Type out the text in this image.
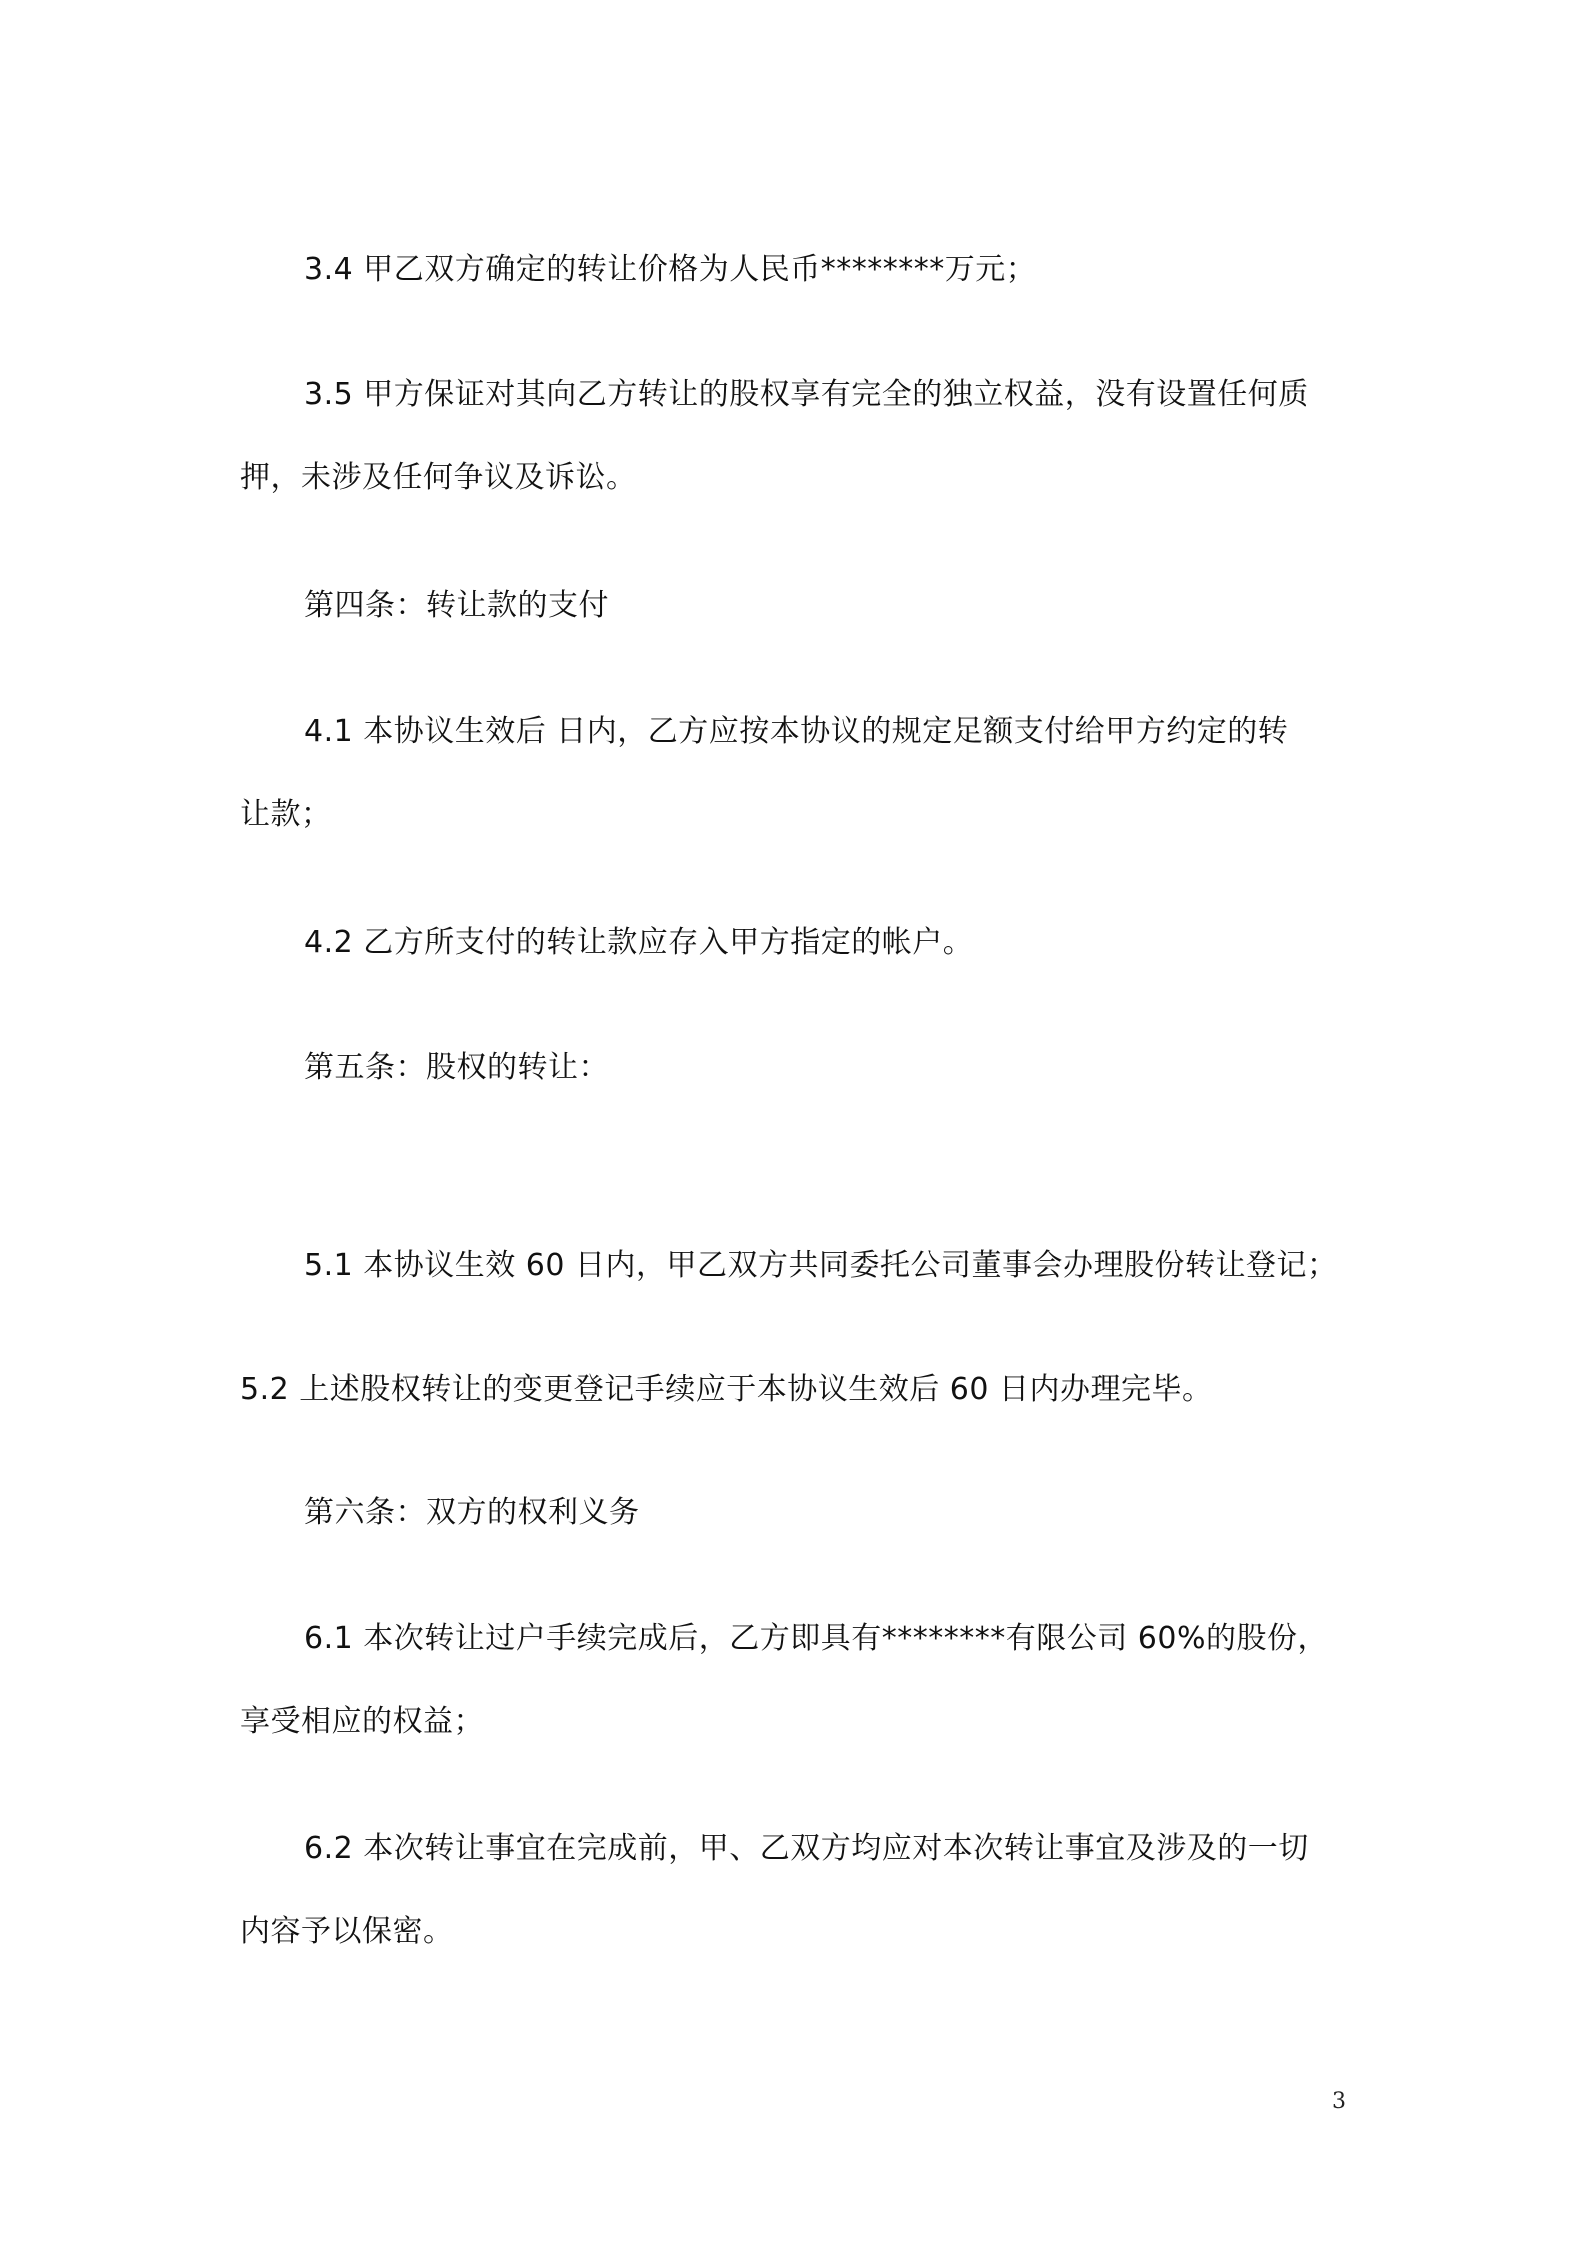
3.4 甲乙双方确定的转让价格为人民币********万元；
3.5 甲方保证对其向乙方转让的股权享有完全的独立权益，没有设置任何质
押，未涉及任何争议及诉讼。
第四条：转让款的支付
4.1 本协议生效后 日内，乙方应按本协议的规定足额支付给甲方约定的转
让款；
4.2 乙方所支付的转让款应存入甲方指定的帐户。
第五条：股权的转让：
5.1 本协议生效 60 日内，甲乙双方共同委托公司董事会办理股份转让登记；
5.2 上述股权转让的变更登记手续应于本协议生效后 60 日内办理完毕。
第六条：双方的权利义务
6.1 本次转让过户手续完成后，乙方即具有********有限公司 60%的股份，
享受相应的权益；
6.2 本次转让事宜在完成前，甲、乙双方均应对本次转让事宜及涉及的一切
内容予以保密。
3
